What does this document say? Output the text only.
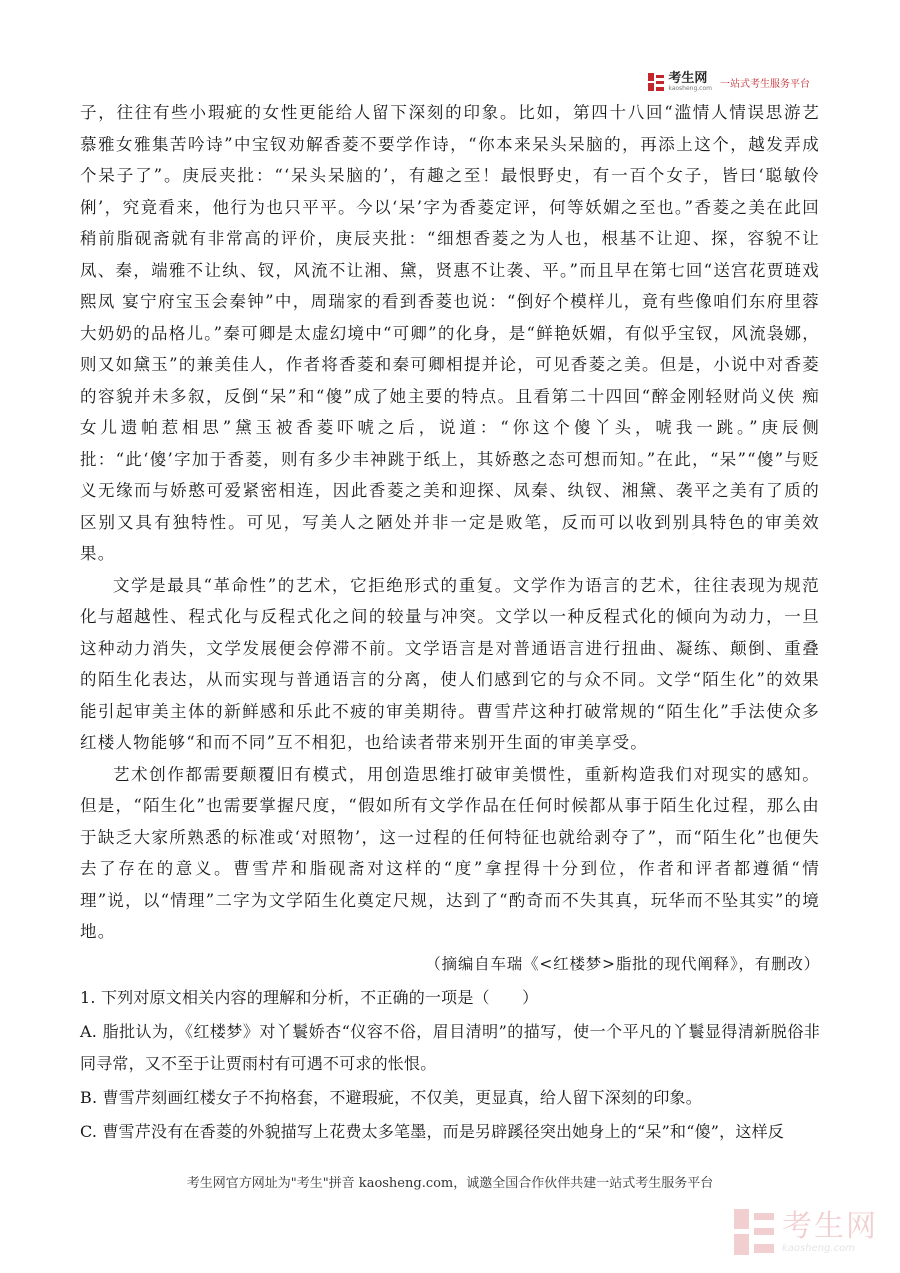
考生网
kaosheng.com 一站式考生服务平台

子，往往有些小瑕疵的女性更能给人留下深刻的印象。比如，第四十八回“滥情人情误思游艺 慕雅女雅集苦吟诗”中宝钗劝解香菱不要学作诗，“你本来呆头呆脑的，再添上这个，越发弄成个呆子了”。庚辰夹批：“‘呆头呆脑的’，有趣之至！最恨野史，有一百个女子，皆曰‘聪敏伶俐’，究竟看来，他行为也只平平。今以‘呆’字为香菱定评，何等妖媚之至也。”香菱之美在此回稍前脂砚斋就有非常高的评价，庚辰夹批：“细想香菱之为人也，根基不让迎、探，容貌不让凤、秦，端雅不让纨、钗，风流不让湘、黛，贤惠不让袭、平。”而且早在第七回“送宫花贾琏戏熙凤 宴宁府宝玉会秦钟”中，周瑞家的看到香菱也说：“倒好个模样儿，竟有些像咱们东府里蓉大奶奶的品格儿。”秦可卿是太虚幻境中“可卿”的化身，是“鲜艳妖媚，有似乎宝钗，风流袅娜，则又如黛玉”的兼美佳人，作者将香菱和秦可卿相提并论，可见香菱之美。但是，小说中对香菱的容貌并未多叙，反倒“呆”和“傻”成了她主要的特点。且看第二十四回“醉金刚轻财尚义侠 痴女儿遗帕惹相思”黛玉被香菱吓唬之后，说道：“你这个傻丫头，唬我一跳。”庚辰侧批：“此‘傻’字加于香菱，则有多少丰神跳于纸上，其娇憨之态可想而知。”在此，“呆”“傻”与贬义无缘而与娇憨可爱紧密相连，因此香菱之美和迎探、凤秦、纨钗、湘黛、袭平之美有了质的区别又具有独特性。可见，写美人之陋处并非一定是败笔，反而可以收到别具特色的审美效果。

文学是最具“革命性”的艺术，它拒绝形式的重复。文学作为语言的艺术，往往表现为规范化与超越性、程式化与反程式化之间的较量与冲突。文学以一种反程式化的倾向为动力，一旦这种动力消失，文学发展便会停滞不前。文学语言是对普通语言进行扭曲、凝练、颠倒、重叠的陌生化表达，从而实现与普通语言的分离，使人们感到它的与众不同。文学“陌生化”的效果能引起审美主体的新鲜感和乐此不疲的审美期待。曹雪芹这种打破常规的“陌生化”手法使众多红楼人物能够“和而不同”互不相犯，也给读者带来别开生面的审美享受。

艺术创作都需要颠覆旧有模式，用创造思维打破审美惯性，重新构造我们对现实的感知。但是，“陌生化”也需要掌握尺度，“假如所有文学作品在任何时候都从事于陌生化过程，那么由于缺乏大家所熟悉的标准或‘对照物’，这一过程的任何特征也就给剥夺了”，而“陌生化”也便失去了存在的意义。曹雪芹和脂砚斋对这样的“度”拿捏得十分到位，作者和评者都遵循“情理”说，以“情理”二字为文学陌生化奠定尺规，达到了“酌奇而不失其真，玩华而不坠其实”的境地。

（摘编自车瑞《<红楼梦>脂批的现代阐释》，有删改）

1. 下列对原文相关内容的理解和分析，不正确的一项是（　　）

A. 脂批认为，《红楼梦》对丫鬟娇杏“仪容不俗，眉目清明”的描写，使一个平凡的丫鬟显得清新脱俗非同寻常，又不至于让贾雨村有可遇不可求的怅恨。

B. 曹雪芹刻画红楼女子不拘格套，不避瑕疵，不仅美，更显真，给人留下深刻的印象。

C. 曹雪芹没有在香菱的外貌描写上花费太多笔墨，而是另辟蹊径突出她身上的“呆”和“傻”，这样反

考生网官方网址为"考生"拼音 kaosheng.com，诚邀全国合作伙伴共建一站式考生服务平台
考生网
kaosheng.com
